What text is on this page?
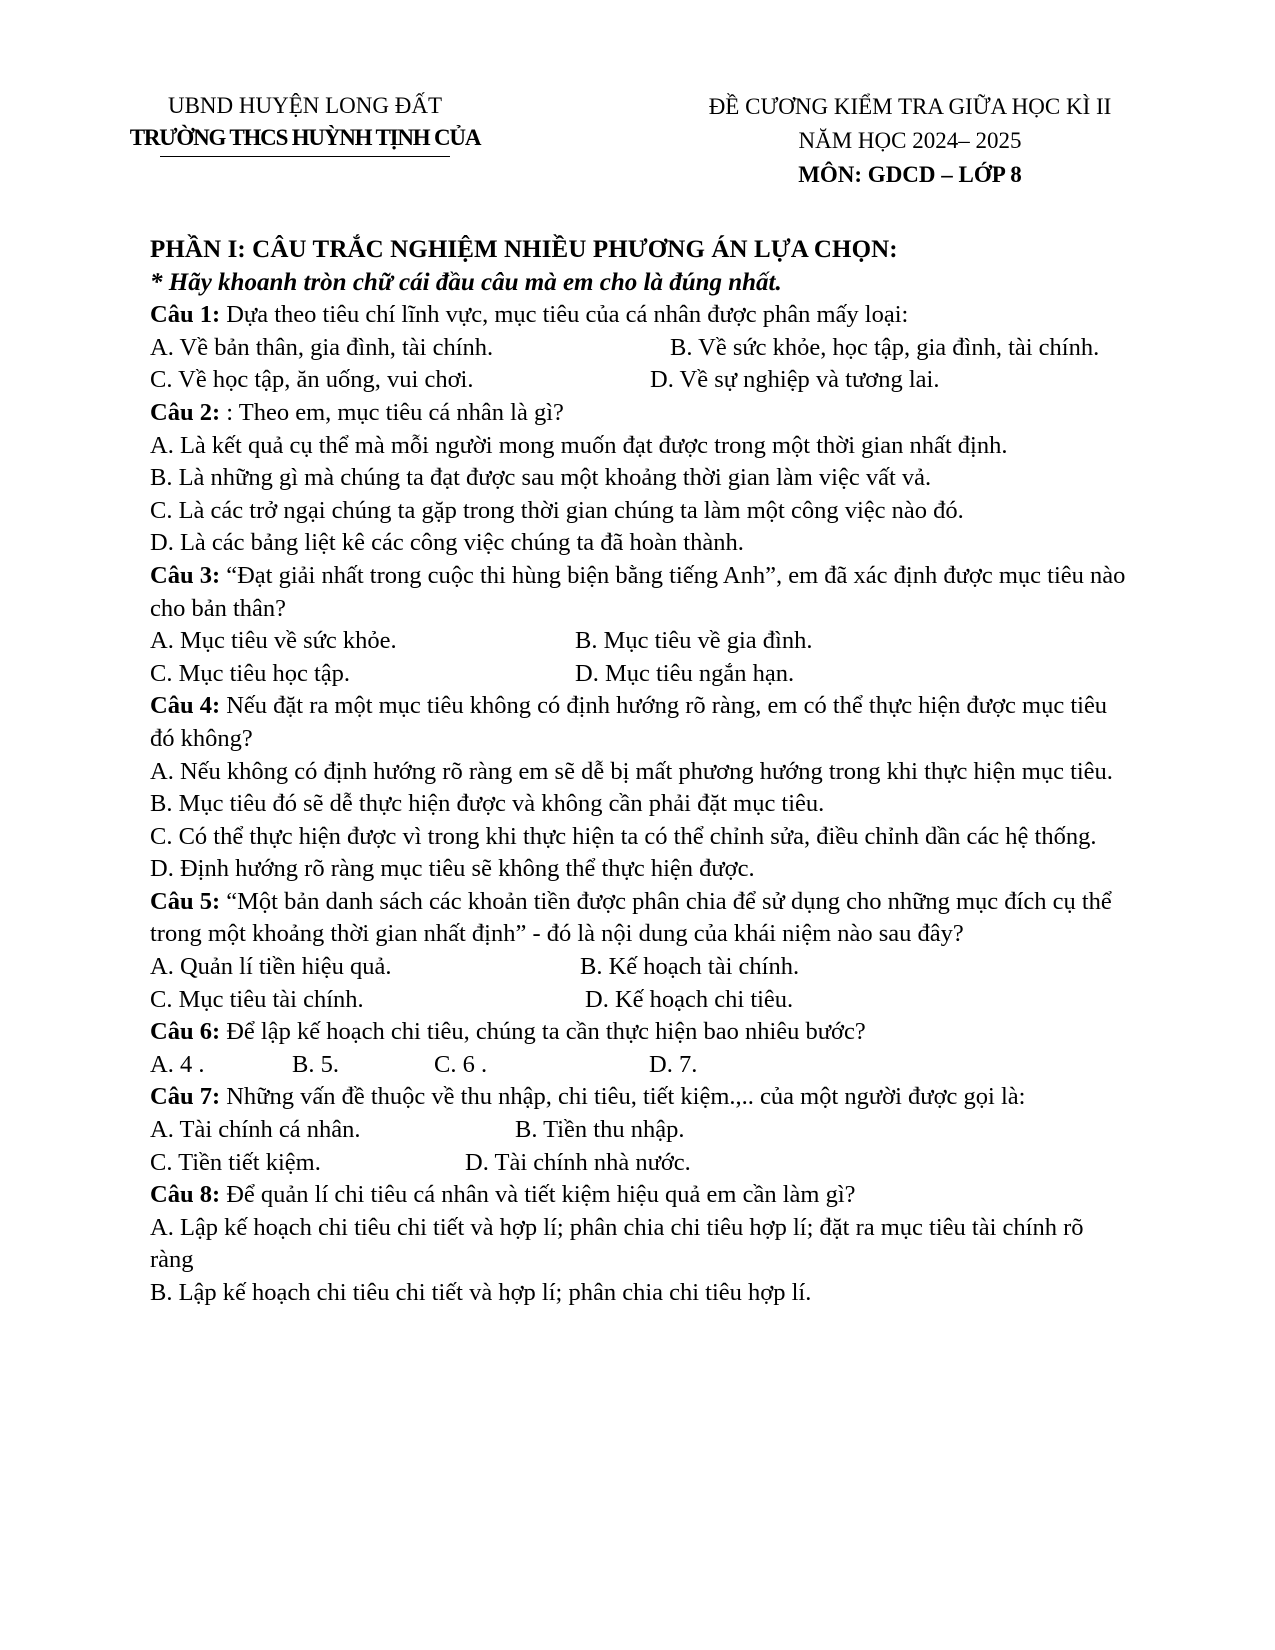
UBND HUYỆN LONG ĐẤT
TRƯỜNG THCS HUỲNH TỊNH CỦA
ĐỀ CƯƠNG KIỂM TRA GIỮA HỌC KÌ II
NĂM HỌC 2024– 2025
MÔN: GDCD – LỚP 8
PHẦN I: CÂU TRẮC NGHIỆM NHIỀU PHƯƠNG ÁN LỰA CHỌN:
* Hãy khoanh tròn chữ cái đầu câu mà em cho là đúng nhất.
Câu 1: Dựa theo tiêu chí lĩnh vực, mục tiêu của cá nhân được phân mấy loại:
A. Về bản thân, gia đình, tài chính.	B. Về sức khỏe, học tập, gia đình, tài chính.
C. Về học tập, ăn uống, vui chơi.	D. Về sự nghiệp và tương lai.
Câu 2: : Theo em, mục tiêu cá nhân là gì?
A. Là kết quả cụ thể mà mỗi người mong muốn đạt được trong một thời gian nhất định.
B. Là những gì mà chúng ta đạt được sau một khoảng thời gian làm việc vất vả.
C. Là các trở ngại chúng ta gặp trong thời gian chúng ta làm một công việc nào đó.
D. Là các bảng liệt kê các công việc chúng ta đã hoàn thành.
Câu 3: “Đạt giải nhất trong cuộc thi hùng biện bằng tiếng Anh”, em đã xác định được mục tiêu nào cho bản thân?
A. Mục tiêu về sức khỏe.	B. Mục tiêu về gia đình.
C. Mục tiêu học tập.	D. Mục tiêu ngắn hạn.
Câu 4: Nếu đặt ra một mục tiêu không có định hướng rõ ràng, em có thể thực hiện được mục tiêu đó không?
A. Nếu không có định hướng rõ ràng em sẽ dễ bị mất phương hướng trong khi thực hiện mục tiêu.
B. Mục tiêu đó sẽ dễ thực hiện được và không cần phải đặt mục tiêu.
C. Có thể thực hiện được vì trong khi thực hiện ta có thể chỉnh sửa, điều chỉnh dần các hệ thống.
D. Định hướng rõ ràng mục tiêu sẽ không thể thực hiện được.
Câu 5: “Một bản danh sách các khoản tiền được phân chia để sử dụng cho những mục đích cụ thể trong một khoảng thời gian nhất định” - đó là nội dung của khái niệm nào sau đây?
A. Quản lí tiền hiệu quả.	B. Kế hoạch tài chính.
C. Mục tiêu tài chính.	D. Kế hoạch chi tiêu.
Câu 6: Để lập kế hoạch chi tiêu, chúng ta cần thực hiện bao nhiêu bước?
A. 4 .	B. 5.	C. 6 .	D. 7.
Câu 7: Những vấn đề thuộc về thu nhập, chi tiêu, tiết kiệm.,.. của một người được gọi là:
A. Tài chính cá nhân.	B. Tiền thu nhập.
C. Tiền tiết kiệm.	D. Tài chính nhà nước.
Câu 8: Để quản lí chi tiêu cá nhân và tiết kiệm hiệu quả em cần làm gì?
A. Lập kế hoạch chi tiêu chi tiết và hợp lí; phân chia chi tiêu hợp lí; đặt ra mục tiêu tài chính rõ ràng
B. Lập kế hoạch chi tiêu chi tiết và hợp lí; phân chia chi tiêu hợp lí.
